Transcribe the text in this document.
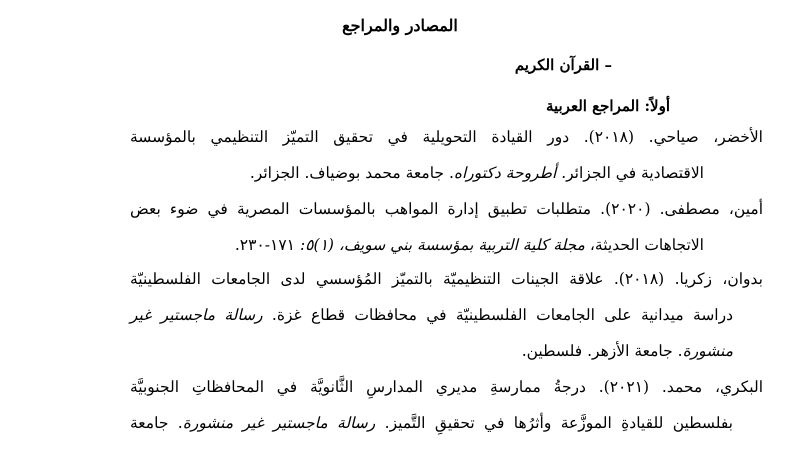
المصادر والمراجع
– القرآن الكريم
أولاً: المراجع العربية
الأخضر، صياحي. (٢٠١٨). دور القيادة التحويلية في تحقيق التميّز التنظيمي بالمؤسسة
الاقتصادية في الجزائر. أطروحة دكتوراه. جامعة محمد بوضياف. الجزائر.
أمين، مصطفى. (٢٠٢٠). متطلبات تطبيق إدارة المواهب بالمؤسسات المصرية في ضوء بعض
الاتجاهات الحديثة، مجلة كلية التربية بمؤسسة بني سويف، (١)٥: ١٧١-٢٣٠.
بدوان، زكريا. (٢٠١٨). علاقة الجينات التنظيميّة بالتميّز المُؤسسي لدى الجامعات الفلسطينيّة
دراسة ميدانية على الجامعات الفلسطينيّة في محافظات قطاع غزة. رسالة ماجستير غير
منشورة. جامعة الأزهر. فلسطين.
البكري، محمد. (٢٠٢١). درجةُ ممارسةِ مديري المدارسِ الثَّانويَّة في المحافظاتِ الجنوبيَّة
بفلسطين للقيادةِ الموزَّعة وأثرُها في تحقيقِ التَّميز. رسالة ماجستير غير منشورة. جامعة
